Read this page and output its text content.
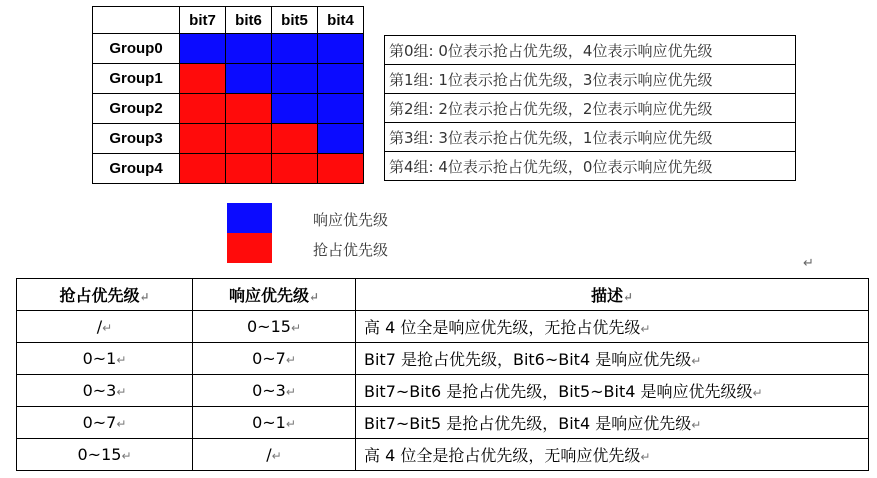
	bit7	bit6	bit5	bit4
Group0				
Group1				
Group2				
Group3				
Group4				
第0组: 0位表示抢占优先级，4位表示响应优先级
第1组: 1位表示抢占优先级，3位表示响应优先级
第2组: 2位表示抢占优先级，2位表示响应优先级
第3组: 3位表示抢占优先级，1位表示响应优先级
第4组: 4位表示抢占优先级，0位表示响应优先级
响应优先级
抢占优先级
↵
抢占优先级↵	响应优先级↵	描述↵
/↵	0~15↵	高 4 位全是响应优先级，无抢占优先级↵
0~1↵	0~7↵	Bit7 是抢占优先级，Bit6~Bit4 是响应优先级↵
0~3↵	0~3↵	Bit7~Bit6 是抢占优先级，Bit5~Bit4 是响应优先级级↵
0~7↵	0~1↵	Bit7~Bit5 是抢占优先级，Bit4 是响应优先级↵
0~15↵	/↵	高 4 位全是抢占优先级，无响应优先级↵
